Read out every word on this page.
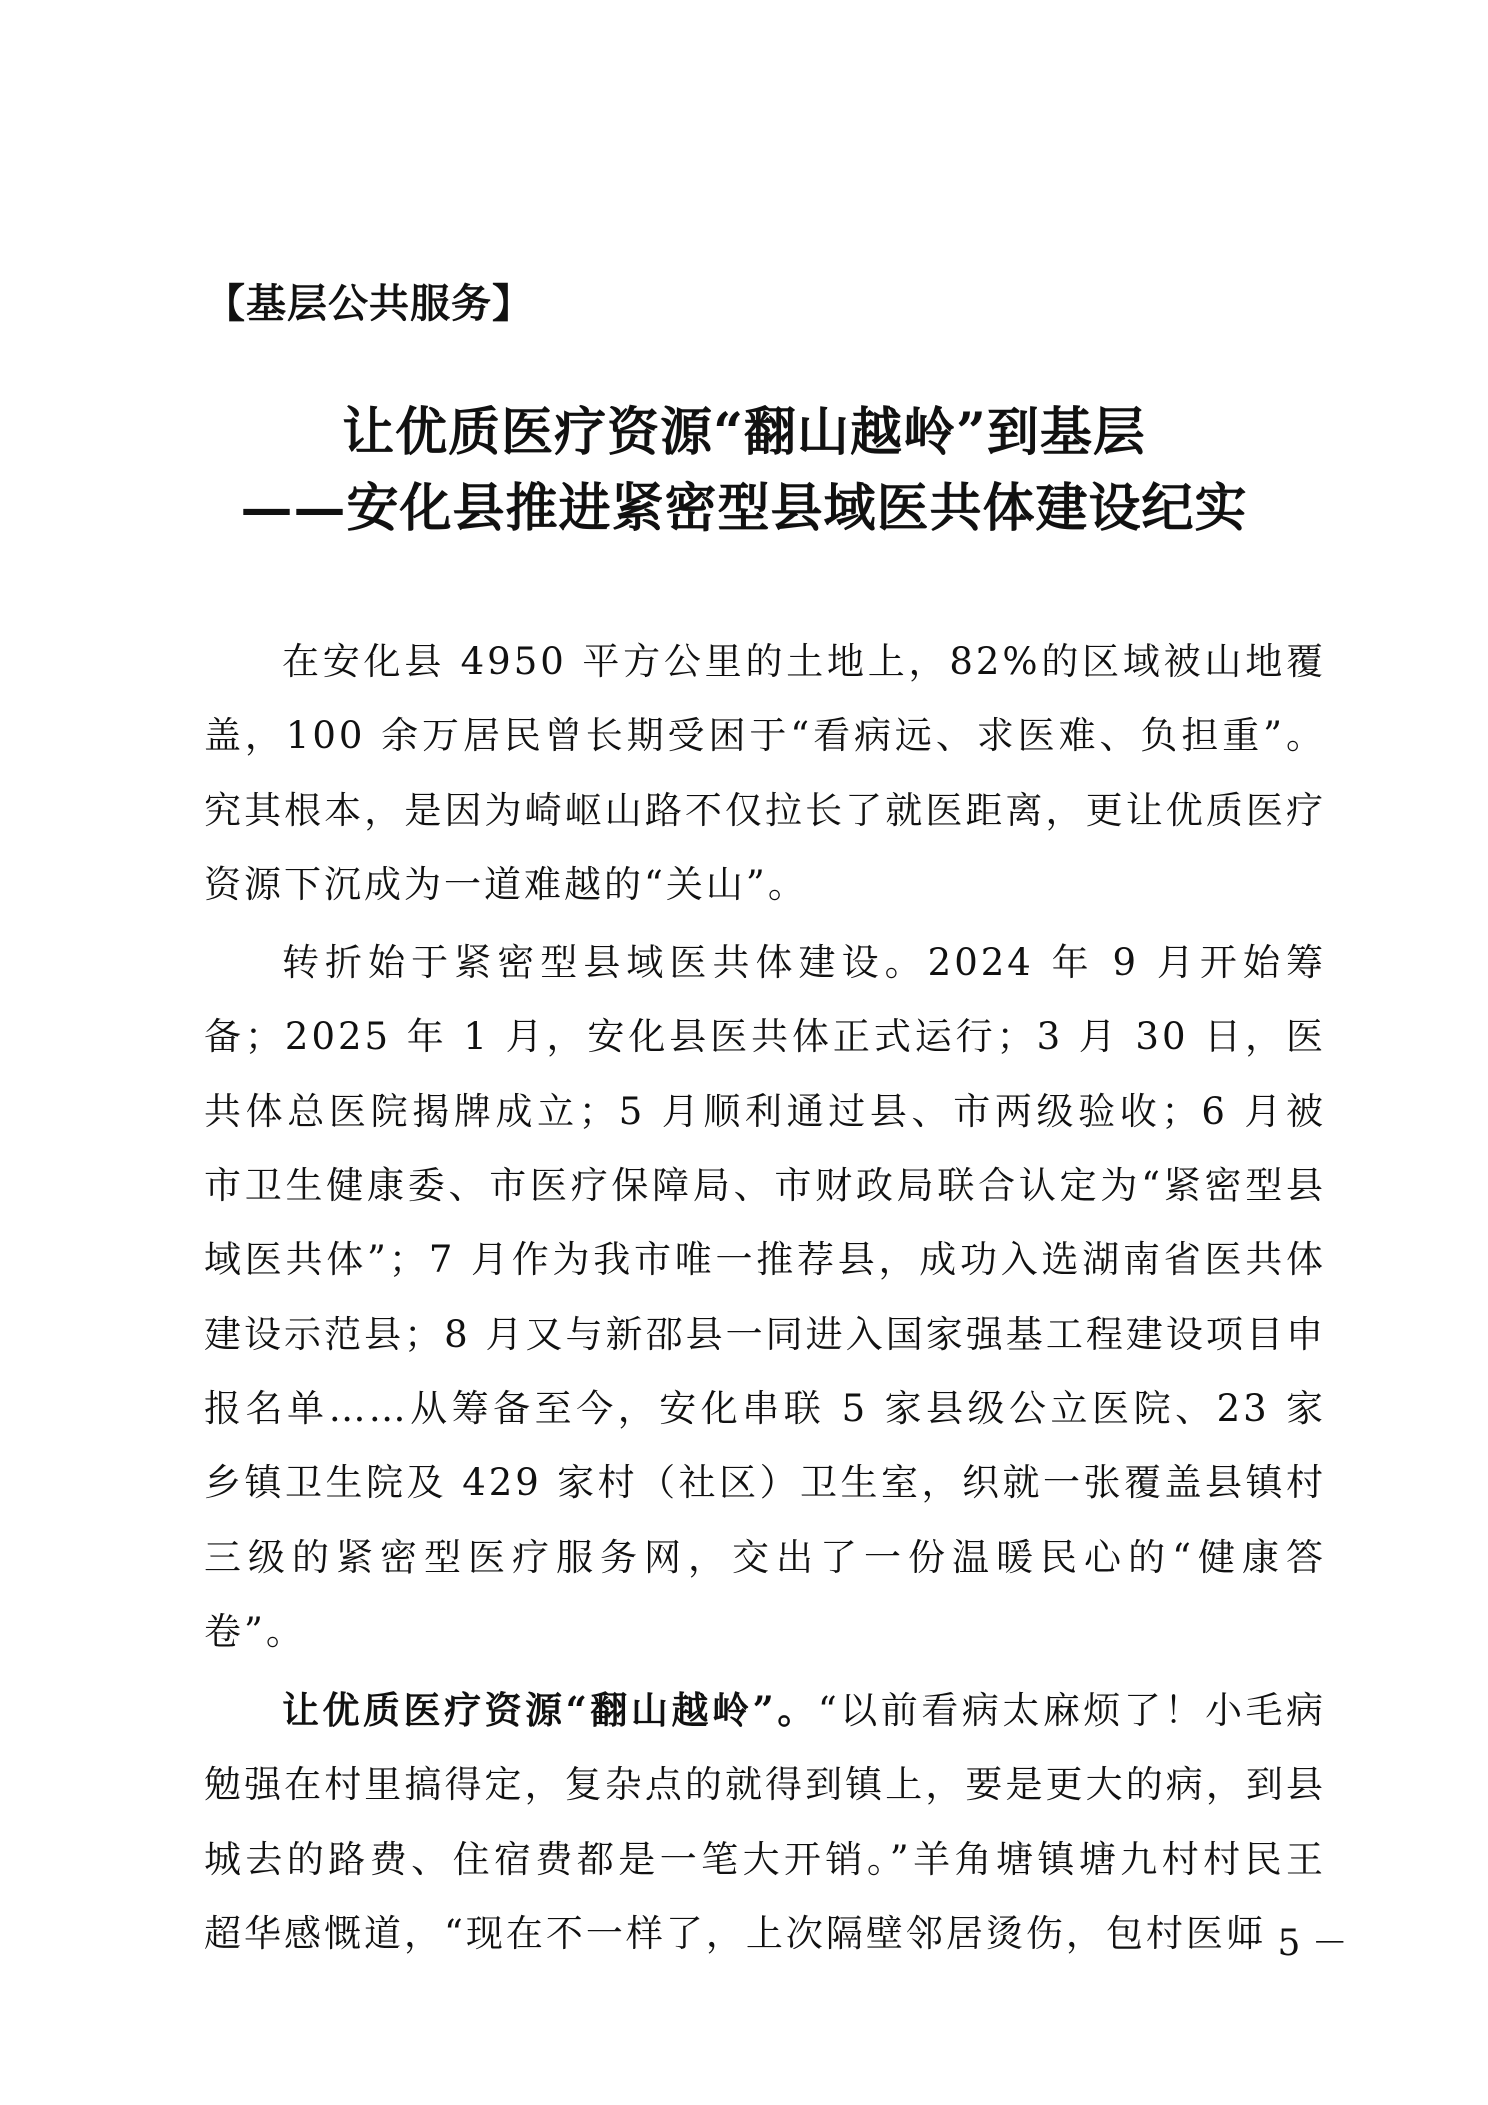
【基层公共服务】
让优质医疗资源“翻山越岭”到基层
——安化县推进紧密型县域医共体建设纪实

在安化县 4950 平方公里的土地上，82%的区域被山地覆盖，100 余万居民曾长期受困于“看病远、求医难、负担重”。究其根本，是因为崎岖山路不仅拉长了就医距离，更让优质医疗资源下沉成为一道难越的“关山”。

转折始于紧密型县域医共体建设。2024 年 9 月开始筹备；2025 年 1 月，安化县医共体正式运行；3 月 30 日，医共体总医院揭牌成立；5 月顺利通过县、市两级验收；6 月被市卫生健康委、市医疗保障局、市财政局联合认定为“紧密型县域医共体”；7 月作为我市唯一推荐县，成功入选湖南省医共体建设示范县；8 月又与新邵县一同进入国家强基工程建设项目申报名单……从筹备至今，安化串联 5 家县级公立医院、23 家乡镇卫生院及 429 家村（社区）卫生室，织就一张覆盖县镇村三级的紧密型医疗服务网，交出了一份温暖民心的“健康答卷”。

让优质医疗资源“翻山越岭”。“以前看病太麻烦了！小毛病勉强在村里搞得定，复杂点的就得到镇上，要是更大的病，到县城去的路费、住宿费都是一笔大开销。”羊角塘镇塘九村村民王超华感慨道，“现在不一样了，上次隔壁邻居烫伤，包村医师

－ 5 －
